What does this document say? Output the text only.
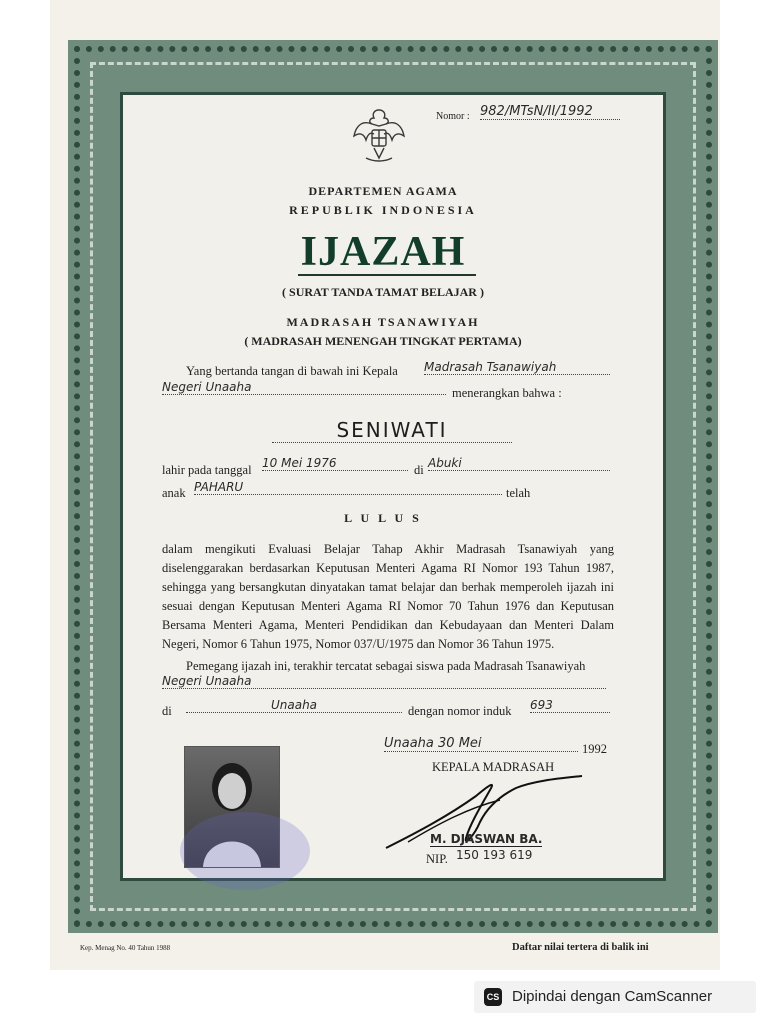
Nomor : 982/MTsN/II/1992
DEPARTEMEN AGAMA
REPUBLIK INDONESIA
IJAZAH
( SURAT TANDA TAMAT BELAJAR )
MADRASAH TSANAWIYAH
( MADRASAH MENENGAH TINGKAT PERTAMA)
Yang bertanda tangan di bawah ini Kepala Madrasah Tsanawiyah
Negeri Unaaha	menerangkan bahwa :
SENIWATI
lahir pada tanggal 10 Mei 1976	di Abuki
anak PAHARU	telah
L U L U S
dalam mengikuti Evaluasi Belajar Tahap Akhir Madrasah Tsanawiyah yang diselenggarakan berdasarkan Keputusan Menteri Agama RI Nomor 193 Tahun 1987, sehingga yang bersangkutan dinyatakan tamat belajar dan berhak memperoleh ijazah ini sesuai dengan Keputusan Menteri Agama RI Nomor 70 Tahun 1976 dan Keputusan Bersama Menteri Agama, Menteri Pendidikan dan Kebudayaan dan Menteri Dalam Negeri, Nomor 6 Tahun 1975, Nomor 037/U/1975 dan Nomor 36 Tahun 1975.
Pemegang ijazah ini, terakhir tercatat sebagai siswa pada Madrasah Tsanawiyah
Negeri Unaaha
di	Unaaha	dengan nomor induk 693
Unaaha 30 Mei	1992
KEPALA MADRASAH
M. DJASWAN BA.
NIP. 150 193 619
Kep. Menag No. 40 Tahun 1988	Daftar nilai tertera di balik ini
CS Dipindai dengan CamScanner
